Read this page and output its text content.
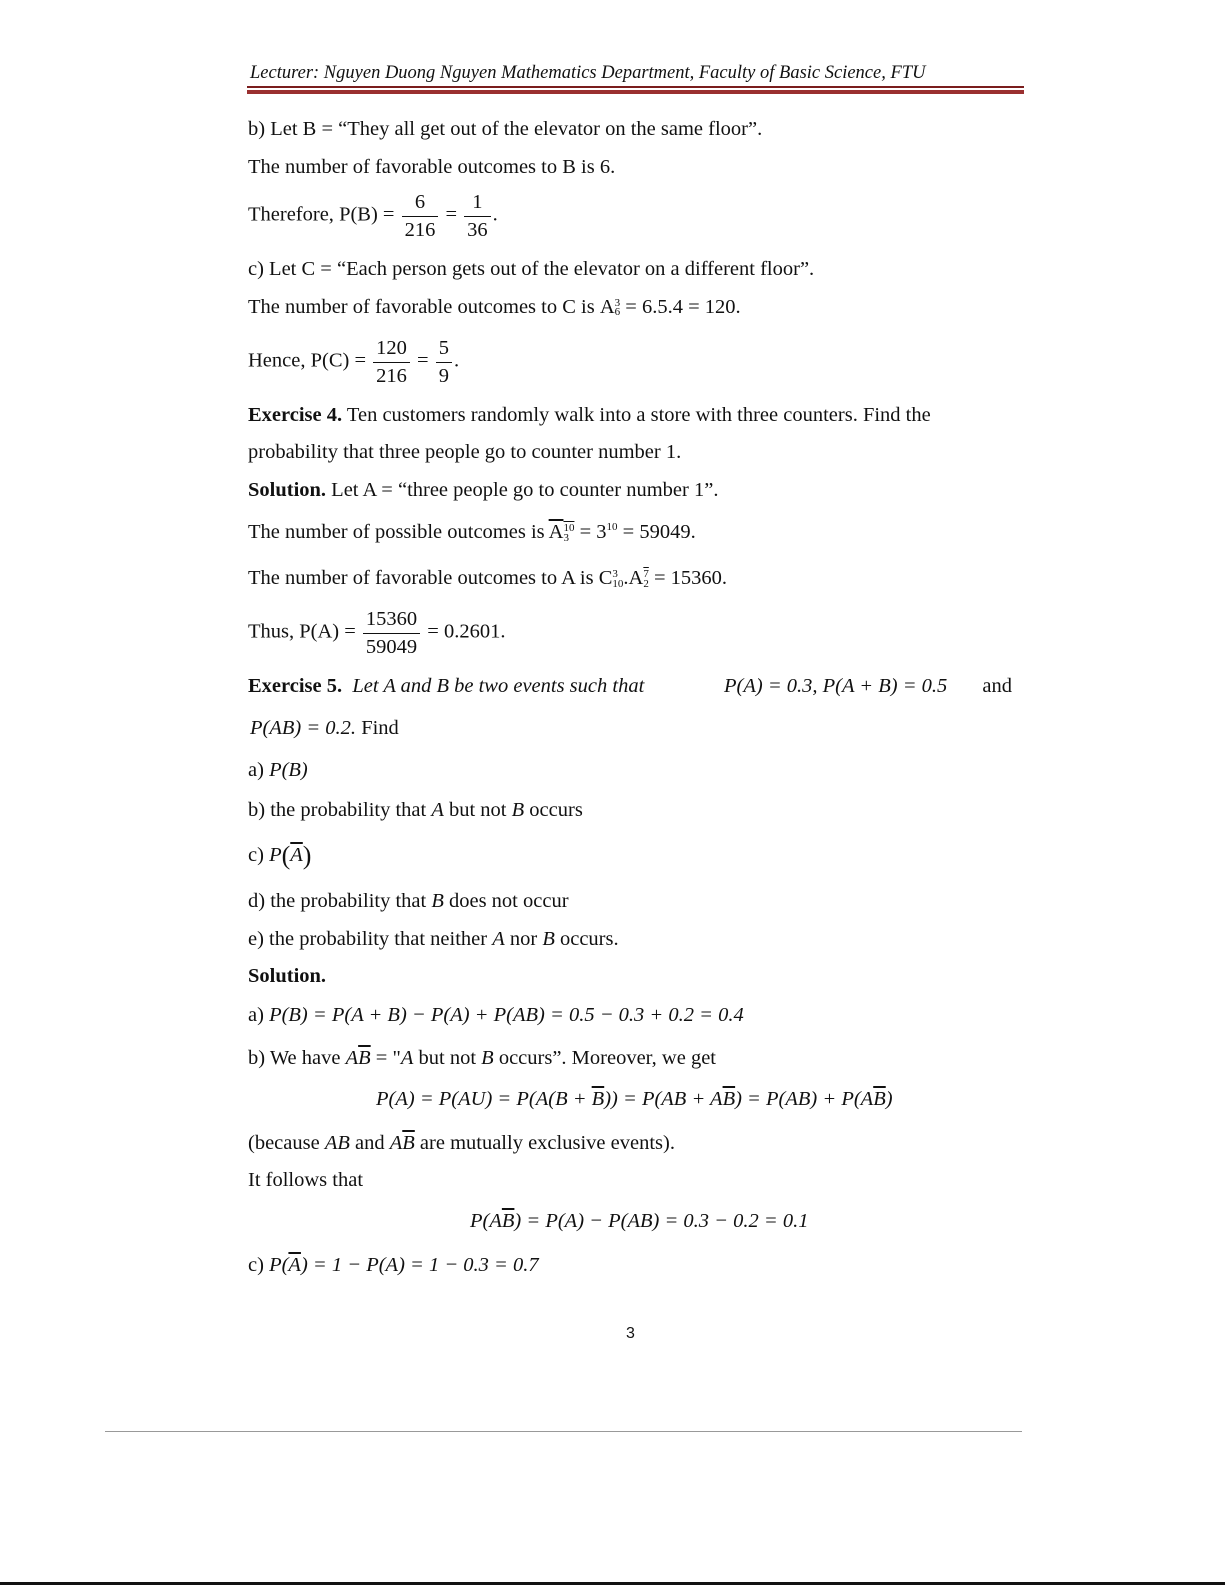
Lecturer: Nguyen Duong Nguyen Mathematics Department, Faculty of Basic Science, FTU
b) Let B = “They all get out of the elevator on the same floor”.
The number of favorable outcomes to B is 6.
Therefore, $P(B) = \frac{6}{216} = \frac{1}{36}$ .
c) Let C = “Each person gets out of the elevator on a different floor”.
The number of favorable outcomes to C is A 3
6 = 6.5.4 = 120.
Hence, $P(C) = \frac{120}{216} = \frac{5}{9}$ .
Exercise 4. Ten customers randomly walk into a store with three counters. Find the
probability that three people go to counter number 1.
Solution. Let A = “three people go to counter number 1”.
The number of possible outcomes is $\overline{A}$ 10
$3 = 3^{10} = 59049$.
The number of favorable outcomes to A is C 3
10 .A 7
2 = 15360.
Thus, $P(A) = \frac{15360}{59049} = 0.2601$.
Exercise 5. Let A and B be two events such that	P(A) = 0.3, P(A + B) = 0.5 and
P(AB) = 0.2. Find
a) P(B)
b) the probability that A but not B occurs
c) $P(\overline{A})$
d) the probability that B does not occur
e) the probability that neither A nor B occurs.
Solution.
a) P(B) = P(A + B) − P(A) + P(AB) = 0.5 − 0.3 + 0.2 = 0.4
b) We have $A\overline{B}$ = "A but not B occurs”. Moreover, we get
$P(A) = P(AU) = P(A(B + \overline{B})) = P(AB + A\overline{B}) = P(AB) + P(A\overline{B})$
(because AB and $A\overline{B}$ are mutually exclusive events).
It follows that
$P(A\overline{B}) = P(A) - P(AB) = 0.3 - 0.2 = 0.1$
c) $P(\overline{A}) = 1 - P(A) = 1 - 0.3 = 0.7$
3
